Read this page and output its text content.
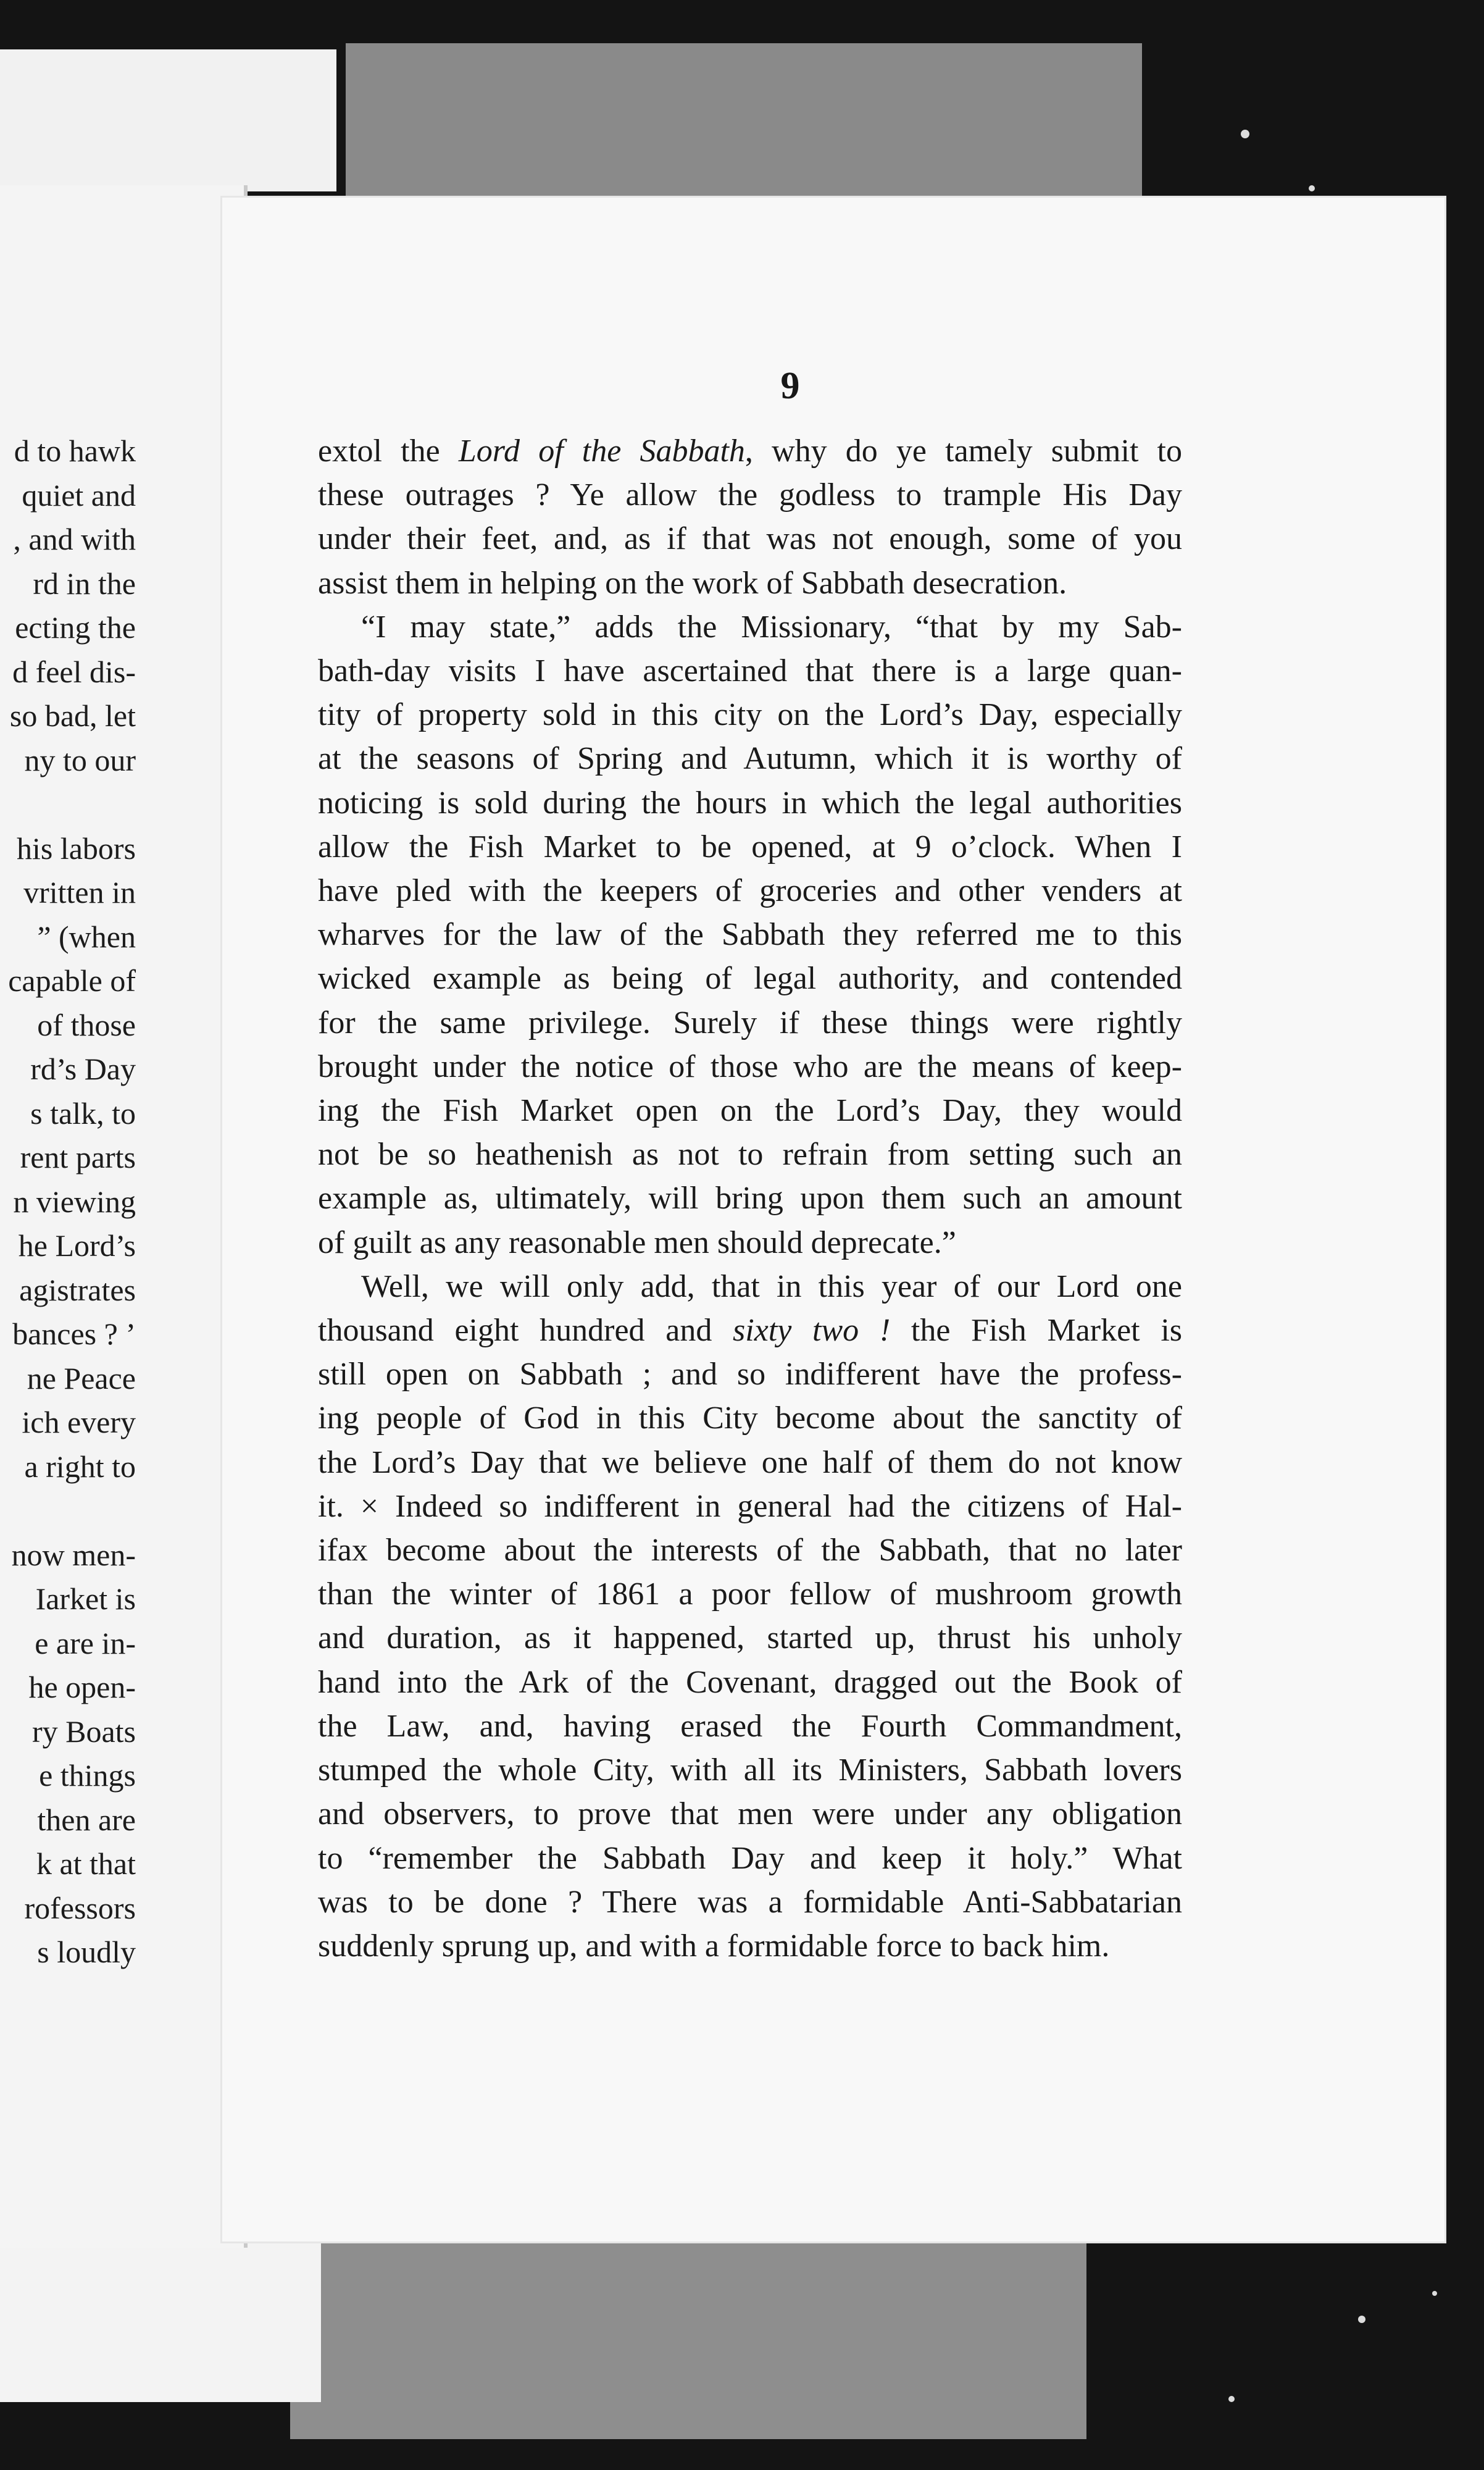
d to hawk
quiet and
, and with
rd in the
ecting the
d feel dis-
so bad, let
ny to our

his labors
vritten in
” (when
capable of
of those
rd’s Day
s talk, to
rent parts
n viewing
he Lord’s
agistrates
bances ? ’
ne Peace
ich every
a right to

now men-
Iarket is
e are in-
he open-
ry Boats
e things
then are
k at that
rofessors
s loudly
9
extol the Lord of the Sabbath, why do ye tamely submit to
these outrages ? Ye allow the godless to trample His Day
under their feet, and, as if that was not enough, some of you
assist them in helping on the work of Sabbath desecration.
“I may state,” adds the Missionary, “that by my Sab-
bath-day visits I have ascertained that there is a large quan-
tity of property sold in this city on the Lord’s Day, especially
at the seasons of Spring and Autumn, which it is worthy of
noticing is sold during the hours in which the legal authorities
allow the Fish Market to be opened, at 9 o’clock. When I
have pled with the keepers of groceries and other venders at
wharves for the law of the Sabbath they referred me to this
wicked example as being of legal authority, and contended
for the same privilege. Surely if these things were rightly
brought under the notice of those who are the means of keep-
ing the Fish Market open on the Lord’s Day, they would
not be so heathenish as not to refrain from setting such an
example as, ultimately, will bring upon them such an amount
of guilt as any reasonable men should deprecate.”
Well, we will only add, that in this year of our Lord one
thousand eight hundred and sixty two ! the Fish Market is
still open on Sabbath ; and so indifferent have the profess-
ing people of God in this City become about the sanctity of
the Lord’s Day that we believe one half of them do not know
it. × Indeed so indifferent in general had the citizens of Hal-
ifax become about the interests of the Sabbath, that no later
than the winter of 1861 a poor fellow of mushroom growth
and duration, as it happened, started up, thrust his unholy
hand into the Ark of the Covenant, dragged out the Book of
the Law, and, having erased the Fourth Commandment,
stumped the whole City, with all its Ministers, Sabbath lovers
and observers, to prove that men were under any obligation
to “remember the Sabbath Day and keep it holy.” What
was to be done ? There was a formidable Anti-Sabbatarian
suddenly sprung up, and with a formidable force to back him.
